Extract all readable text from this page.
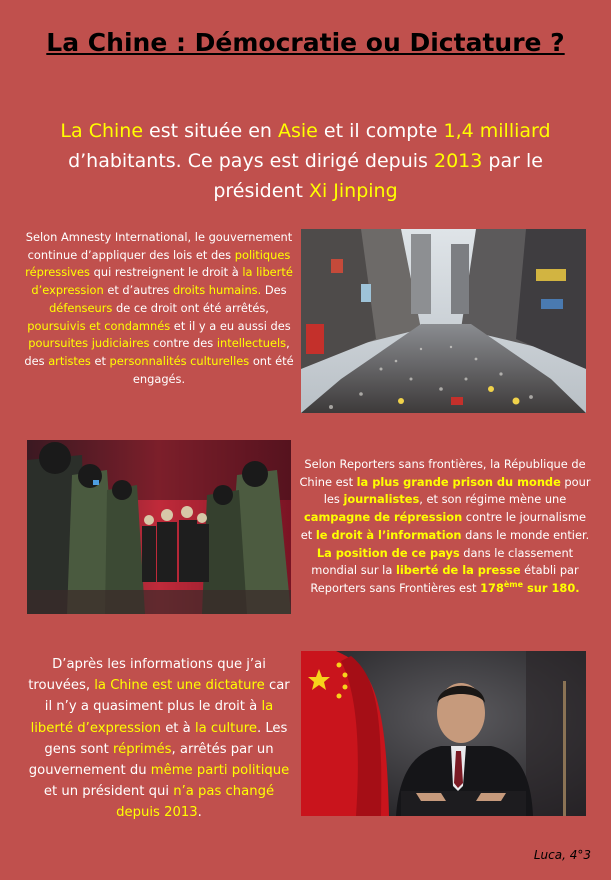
La Chine : Démocratie ou Dictature ?
La Chine est située en Asie et il compte 1,4 milliard d’habitants. Ce pays est dirigé depuis 2013 par le président Xi Jinping
Selon Amnesty International, le gouvernement continue d’appliquer des lois et des politiques répressives qui restreignent le droit à la liberté d’expression et d’autres droits humains. Des défenseurs de ce droit ont été arrêtés, poursuivis et condamnés et il y a eu aussi des poursuites judiciaires contre des intellectuels, des artistes et personnalités culturelles ont été engagés.
Selon Reporters sans frontières, la République de Chine est la plus grande prison du monde pour les journalistes, et son régime mène une campagne de répression contre le journalisme et le droit à l’information dans le monde entier. La position de ce pays dans le classement mondial sur la liberté de la presse établi par Reporters sans Frontières est 178ème sur 180.
D’après les informations que j’ai trouvées, la Chine est une dictature car il n’y a quasiment plus le droit à la liberté d’expression et à la culture. Les gens sont réprimés, arrêtés par un gouvernement du même parti politique et un président qui n’a pas changé depuis 2013.
Luca, 4°3
